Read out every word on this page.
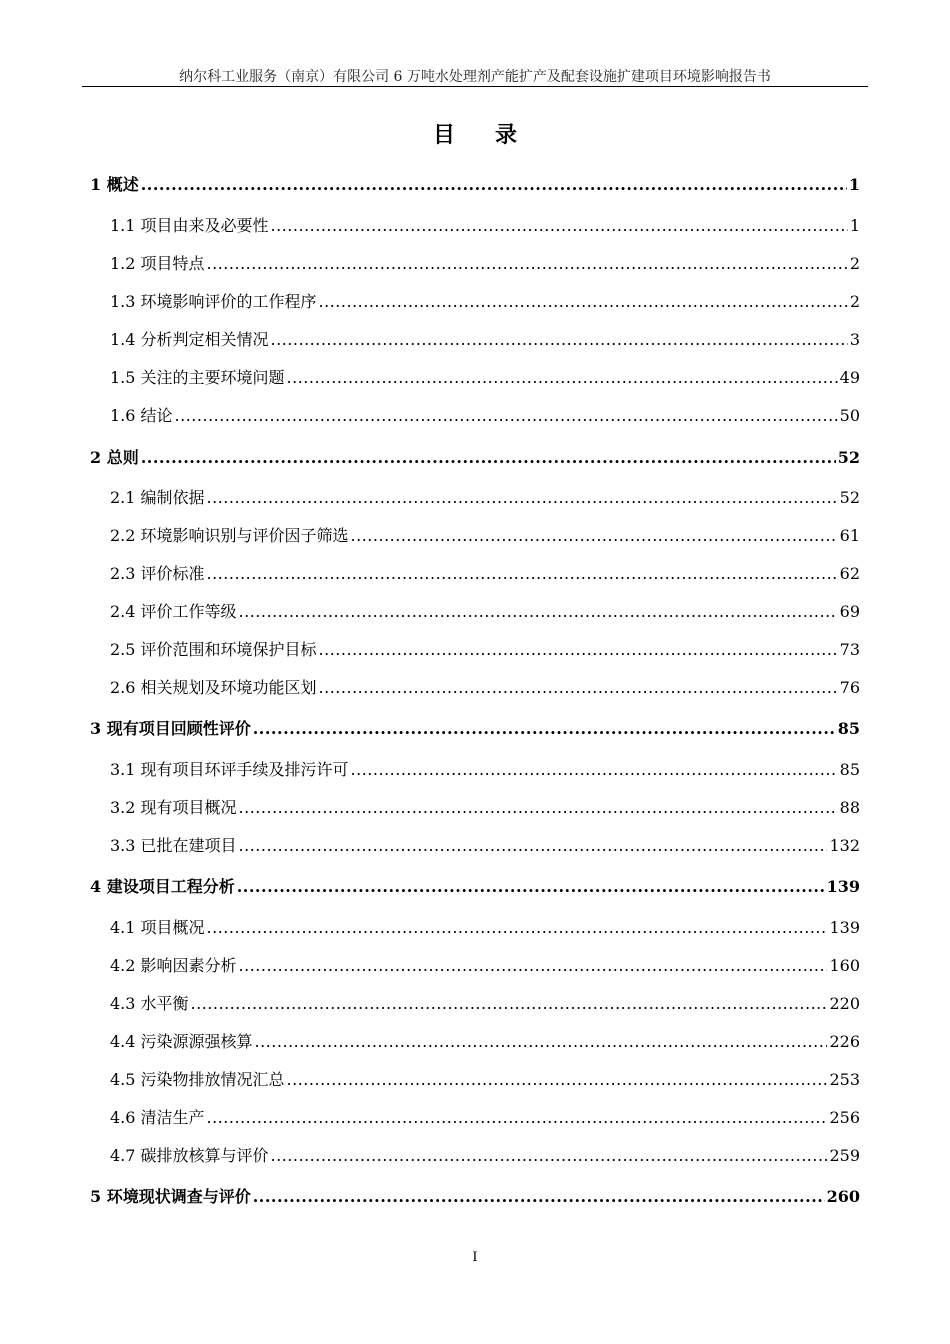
纳尔科工业服务（南京）有限公司 6 万吨水处理剂产能扩产及配套设施扩建项目环境影响报告书
目录
1 概述 .....	1
1.1 项目由来及必要性 .....	1
1.2 项目特点 .....	2
1.3 环境影响评价的工作程序 .....	2
1.4 分析判定相关情况 .....	3
1.5 关注的主要环境问题 .....	49
1.6 结论 .....	50
2 总则 .....	52
2.1 编制依据 .....	52
2.2 环境影响识别与评价因子筛选 .....	61
2.3 评价标准 .....	62
2.4 评价工作等级 .....	69
2.5 评价范围和环境保护目标 .....	73
2.6 相关规划及环境功能区划 .....	76
3 现有项目回顾性评价 .....	85
3.1 现有项目环评手续及排污许可 .....	85
3.2 现有项目概况 .....	88
3.3 已批在建项目 .....	132
4 建设项目工程分析 .....	139
4.1 项目概况 .....	139
4.2 影响因素分析 .....	160
4.3 水平衡 .....	220
4.4 污染源源强核算 .....	226
4.5 污染物排放情况汇总 .....	253
4.6 清洁生产 .....	256
4.7 碳排放核算与评价 .....	259
5 环境现状调查与评价 .....	260
I
